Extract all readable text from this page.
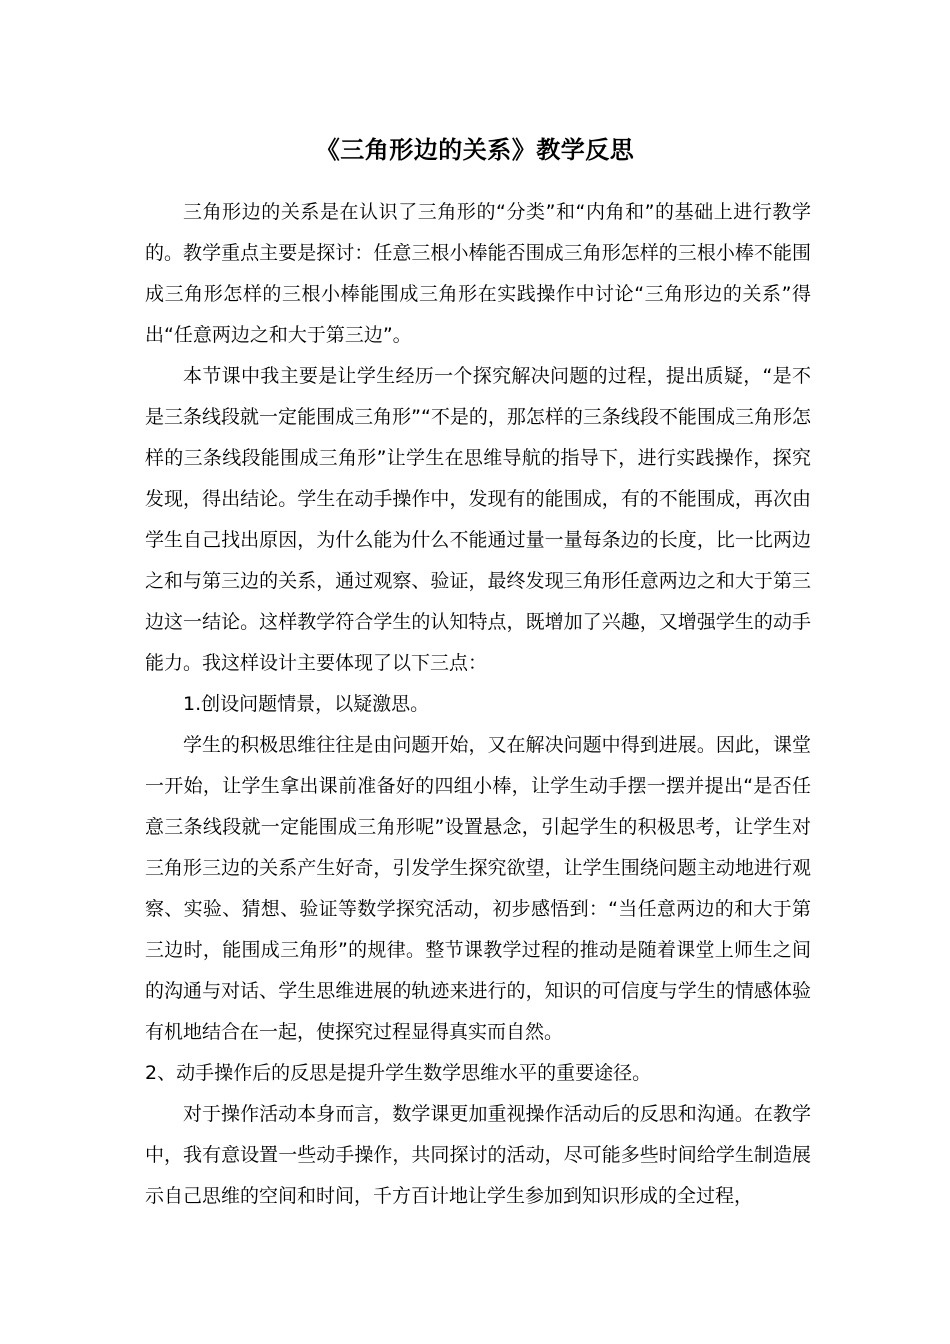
《三角形边的关系》教学反思

三角形边的关系是在认识了三角形的“分类”和“内角和”的基础上进行教学的。教学重点主要是探讨：任意三根小棒能否围成三角形怎样的三根小棒不能围成三角形怎样的三根小棒能围成三角形在实践操作中讨论“三角形边的关系”得出“任意两边之和大于第三边”。

本节课中我主要是让学生经历一个探究解决问题的过程，提出质疑，“是不是三条线段就一定能围成三角形”“不是的，那怎样的三条线段不能围成三角形怎样的三条线段能围成三角形”让学生在思维导航的指导下，进行实践操作，探究发现，得出结论。学生在动手操作中，发现有的能围成，有的不能围成，再次由学生自己找出原因，为什么能为什么不能通过量一量每条边的长度，比一比两边之和与第三边的关系，通过观察、验证，最终发现三角形任意两边之和大于第三边这一结论。这样教学符合学生的认知特点，既增加了兴趣，又增强学生的动手能力。我这样设计主要体现了以下三点：

1.创设问题情景，以疑激思。

学生的积极思维往往是由问题开始，又在解决问题中得到进展。因此，课堂一开始，让学生拿出课前准备好的四组小棒，让学生动手摆一摆并提出“是否任意三条线段就一定能围成三角形呢”设置悬念，引起学生的积极思考，让学生对三角形三边的关系产生好奇，引发学生探究欲望，让学生围绕问题主动地进行观察、实验、猜想、验证等数学探究活动，初步感悟到：“当任意两边的和大于第三边时，能围成三角形”的规律。整节课教学过程的推动是随着课堂上师生之间的沟通与对话、学生思维进展的轨迹来进行的，知识的可信度与学生的情感体验有机地结合在一起，使探究过程显得真实而自然。

2、动手操作后的反思是提升学生数学思维水平的重要途径。

对于操作活动本身而言，数学课更加重视操作活动后的反思和沟通。在教学中，我有意设置一些动手操作，共同探讨的活动，尽可能多些时间给学生制造展示自己思维的空间和时间，千方百计地让学生参加到知识形成的全过程，
